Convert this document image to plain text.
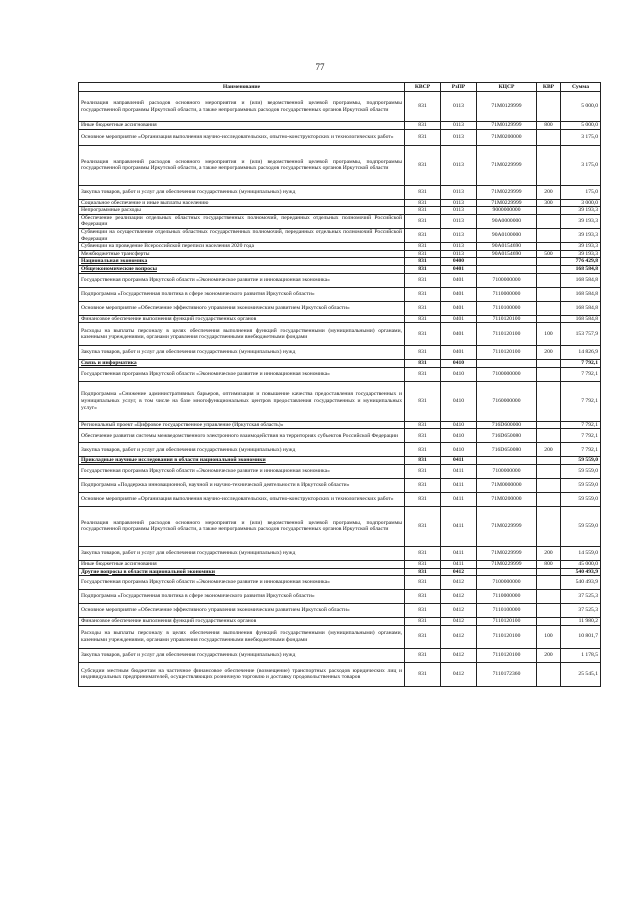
77
Наименование	КВСР	РзПР	КЦСР	КВР	Сумма
Реализация направлений расходов основного мероприятия и (или) ведомственной целевой программы, подпрограммы государственной программы Иркутской области, а также непрограммных расходов государственных органов Иркутской области	831	0113	71М0129999		5 000,0
Иные бюджетные ассигнования	831	0113	71М0129999	800	5 000,0
Основное мероприятие «Организация выполнения научно-исследовательских, опытно-конструкторских и технологических работ»	831	0113	71М0200000		3 175,0
Реализация направлений расходов основного мероприятия и (или) ведомственной целевой программы, подпрограммы государственной программы Иркутской области, а также непрограммных расходов государственных органов Иркутской области	831	0113	71М0229999		3 175,0
Закупка товаров, работ и услуг для обеспечения государственных (муниципальных) нужд	831	0113	71М0229999	200	175,0
Социальное обеспечение и иные выплаты населению	831	0113	71М0229999	300	3 000,0
Непрограммные расходы	831	0113	9000000000		39 193,3
Обеспечение реализации отдельных областных государственных полномочий, переданных отдельных полномочий Российской Федерации	831	0113	90А0000000		39 193,3
Субвенции на осуществление отдельных областных государственных полномочий, переданных отдельных полномочий Российской Федерации	831	0113	90А0100000		39 193,3
Субвенции на проведение Всероссийской переписи населения 2020 года	831	0113	90А0154690		39 193,3
Межбюджетные трансферты	831	0113	90А0154690	500	39 193,3
Национальная экономика	831	0400			776 429,8
Общеэкономические вопросы	831	0401			168 584,8
Государственная программа Иркутской области «Экономическое развитие и инновационная экономика»	831	0401	7100000000		168 584,8
Подпрограмма «Государственная политика в сфере экономического развития Иркутской области»	831	0401	7110000000		168 584,8
Основное мероприятие «Обеспечение эффективного управления экономическим развитием Иркутской области»	831	0401	7110100000		168 584,8
Финансовое обеспечение выполнения функций государственных органов	831	0401	7110120100		168 584,8
Расходы на выплаты персоналу в целях обеспечения выполнения функций государственными (муниципальными) органами, казенными учреждениями, органами управления государственными внебюджетными фондами	831	0401	7110120100	100	153 757,9
Закупка товаров, работ и услуг для обеспечения государственных (муниципальных) нужд	831	0401	7110120100	200	14 826,9
Связь и информатика	831	0410			7 792,1
Государственная программа Иркутской области «Экономическое развитие и инновационная экономика»	831	0410	7100000000		7 792,1
Подпрограмма «Снижение административных барьеров, оптимизация и повышение качества предоставления государственных и муниципальных услуг, в том числе на базе многофункциональных центров предоставления государственных и муниципальных услуг»	831	0410	7160000000		7 792,1
Региональный проект «Цифровое государственное управление (Иркутская область)»	831	0410	716D600000		7 792,1
Обеспечение развития системы межведомственного электронного взаимодействия на территориях субъектов Российской Федерации	831	0410	716D650080		7 792,1
Закупка товаров, работ и услуг для обеспечения государственных (муниципальных) нужд	831	0410	716D650080	200	7 792,1
Прикладные научные исследования в области национальной экономики	831	0411			59 559,0
Государственная программа Иркутской области «Экономическое развитие и инновационная экономика»	831	0411	7100000000		59 559,0
Подпрограмма «Поддержка инновационной, научной и научно-технической деятельности в Иркутской области»	831	0411	71М0000000		59 559,0
Основное мероприятие «Организация выполнения научно-исследовательских, опытно-конструкторских и технологических работ»	831	0411	71М0200000		59 559,0
Реализация направлений расходов основного мероприятия и (или) ведомственной целевой программы, подпрограммы государственной программы Иркутской области, а также непрограммных расходов государственных органов Иркутской области	831	0411	71М0229999		59 559,0
Закупка товаров, работ и услуг для обеспечения государственных (муниципальных) нужд	831	0411	71М0229999	200	14 559,0
Иные бюджетные ассигнования	831	0411	71М0229999	800	45 000,0
Другие вопросы в области национальной экономики	831	0412			540 493,9
Государственная программа Иркутской области «Экономическое развитие и инновационная экономика»	831	0412	7100000000		540 493,9
Подпрограмма «Государственная политика в сфере экономического развития Иркутской области»	831	0412	7110000000		37 525,3
Основное мероприятие «Обеспечение эффективного управления экономическим развитием Иркутской области»	831	0412	7110100000		37 525,3
Финансовое обеспечение выполнения функций государственных органов	831	0412	7110120100		11 980,2
Расходы на выплаты персоналу в целях обеспечения выполнения функций государственными (муниципальными) органами, казенными учреждениями, органами управления государственными внебюджетными фондами	831	0412	7110120100	100	10 801,7
Закупка товаров, работ и услуг для обеспечения государственных (муниципальных) нужд	831	0412	7110120100	200	1 178,5
Субсидии местным бюджетам на частичное финансовое обеспечение (возмещение) транспортных расходов юридических лиц и индивидуальных предпринимателей, осуществляющих розничную торговлю и доставку продовольственных товаров	831	0412	7110172360		25 545,1
